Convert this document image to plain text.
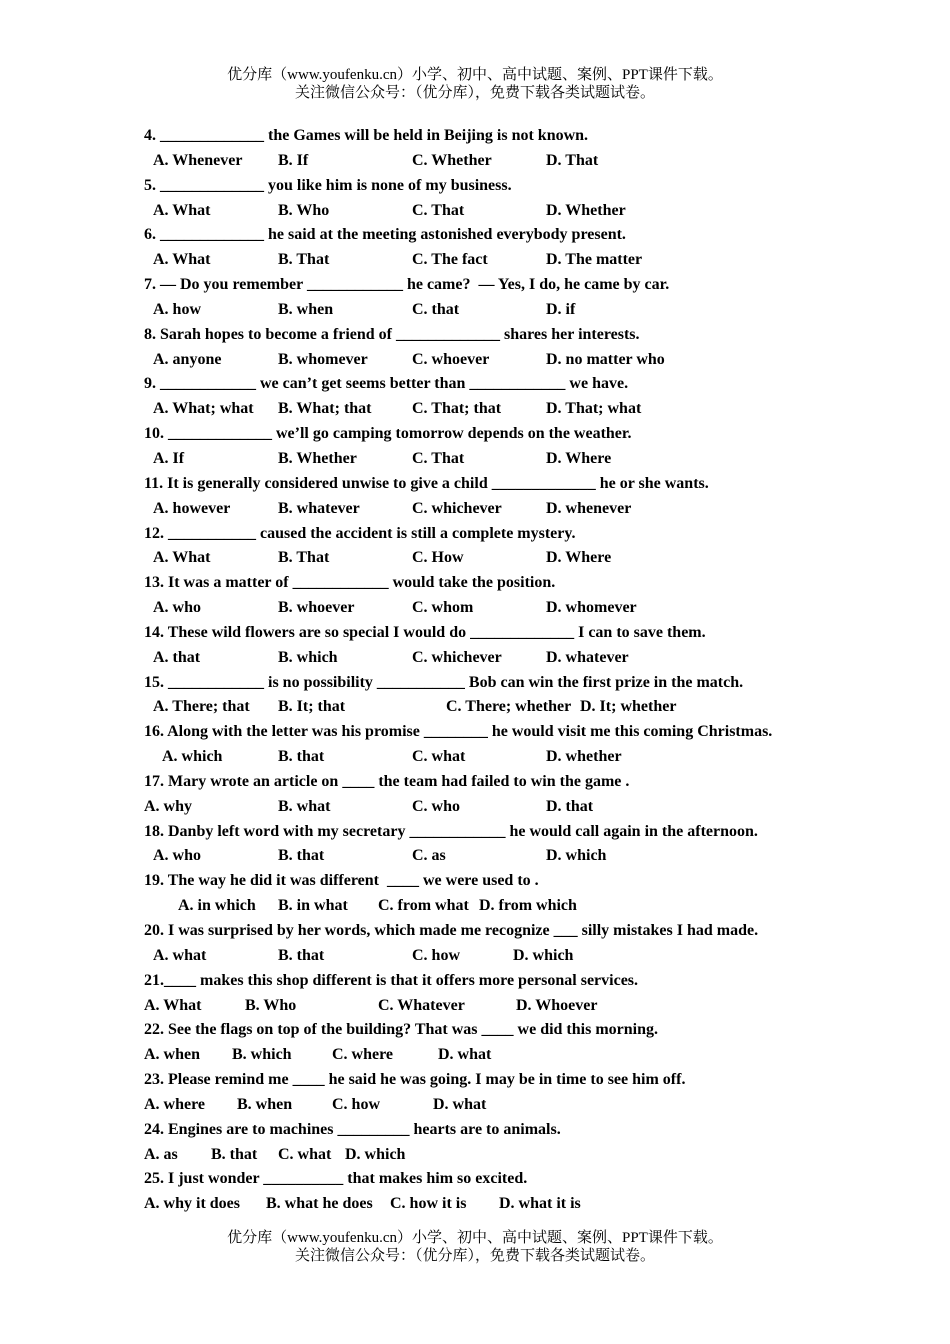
优分库（www.youfenku.cn）小学、初中、高中试题、案例、PPT课件下载。
关注微信公众号：（优分库），免费下载各类试题试卷。
4. _____________ the Games will be held in Beijing is not known.

A. Whenever

B. If

	C. Whether

	D. That

5. _____________ you like him is none of my business.

A. What

	B. Who

	C. That

	D. Whether

6. _____________ he said at the meeting astonished everybody present.

A. What

	B. That

	C. The fact

	D. The matter

7. — Do you remember ____________ he came?  — Yes, I do, he came by car.

A. how

	B. when

	C. that

	D. if

8. Sarah hopes to become a friend of _____________ shares her interests.

A. anyone

	B. whomever

	C. whoever

	D. no matter who

9. ____________ we can’t get seems better than ____________ we have.

A. What; what

B. What; that

	C. That; that

	D. That; what

10. _____________ we’ll go camping tomorrow depends on the weather.

A. If

	B. Whether

	C. That

	D. Where

11. It is generally considered unwise to give a child _____________ he or she wants.

A. however

	B. whatever

	C. whichever

	D. whenever

12. ___________ caused the accident is still a complete mystery.

A. What

	B. That

	C. How

	D. Where

13. It was a matter of ____________ would take the position.

A. who

	B. whoever

	C. whom

	D. whomever

14. These wild flowers are so special I would do _____________ I can to save them.

A. that

	B. which

	C. whichever

	D. whatever

15. ____________ is no possibility ___________ Bob can win the first prize in the match.

A. There; that

B. It; that

	C. There; whether

D. It; whether

16. Along with the letter was his promise ________ he would visit me this coming Christmas.

A. which

	B. that

	C. what

	D. whether

17. Mary wrote an article on ____ the team had failed to win the game .

A. why

	B. what

	C. who

	D. that

18. Danby left word with my secretary ____________ he would call again in the afternoon.

A. who

	B. that

	C. as

	D. which

19. The way he did it was different  ____ we were used to .

A. in which

B. in what

C. from what

D. from which

20. I was surprised by her words, which made me recognize ___ silly mistakes I had made.

A. what

	B. that

	C. how

	D. which

21.____ makes this shop different is that it offers more personal services.

A. What

	B. Who

	C. Whatever

	D. Whoever

22. See the flags on top of the building? That was ____ we did this morning.

A. when

B. which

	C. where

	D. what

23. Please remind me ____ he said he was going. I may be in time to see him off.

A. where

B. when

C. how

	D. what

24. Engines are to machines _________ hearts are to animals.

A. as

B. that

C. what

D. which

25. I just wonder __________ that makes him so excited.

A. why it does

B. what he does

C. how it is

D. what it is

优分库（www.youfenku.cn）小学、初中、高中试题、案例、PPT课件下载。
关注微信公众号：（优分库），免费下载各类试题试卷。
